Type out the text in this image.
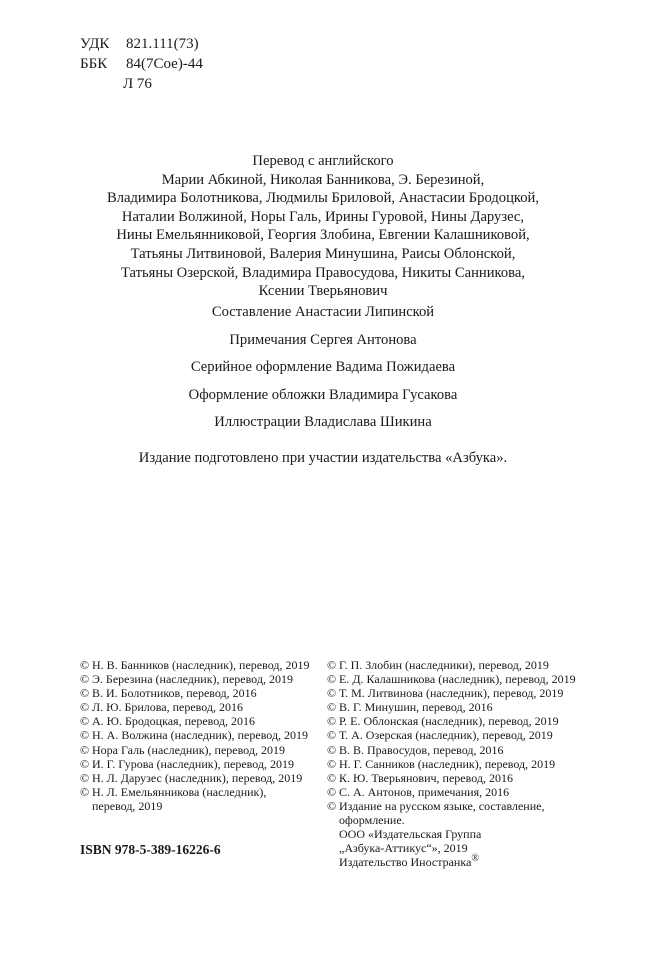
УДК 821.111(73)
ББК 84(7Сое)-44
Л 76
Перевод с английского
Марии Абкиной, Николая Банникова, Э. Березиной,
Владимира Болотникова, Людмилы Бриловой, Анастасии Бродоцкой,
Наталии Волжиной, Норы Галь, Ирины Гуровой, Нины Дарузес,
Нины Емельянниковой, Георгия Злобина, Евгении Калашниковой,
Татьяны Литвиновой, Валерия Минушина, Раисы Облонской,
Татьяны Озерской, Владимира Правосудова, Никиты Санникова,
Ксении Тверьянович
Составление Анастасии Липинской
Примечания Сергея Антонова
Серийное оформление Вадима Пожидаева
Оформление обложки Владимира Гусакова
Иллюстрации Владислава Шикина
Издание подготовлено при участии издательства «Азбука».
© Н. В. Банников (наследник), перевод, 2019
© Э. Березина (наследник), перевод, 2019
© В. И. Болотников, перевод, 2016
© Л. Ю. Брилова, перевод, 2016
© А. Ю. Бродоцкая, перевод, 2016
© Н. А. Волжина (наследник), перевод, 2019
© Нора Галь (наследник), перевод, 2019
© И. Г. Гурова (наследник), перевод, 2019
© Н. Л. Дарузес (наследник), перевод, 2019
© Н. Л. Емельянникова (наследник),
перевод, 2019
© Г. П. Злобин (наследники), перевод, 2019
© Е. Д. Калашникова (наследник), перевод, 2019
© Т. М. Литвинова (наследник), перевод, 2019
© В. Г. Минушин, перевод, 2016
© Р. Е. Облонская (наследник), перевод, 2019
© Т. А. Озерская (наследник), перевод, 2019
© В. В. Правосудов, перевод, 2016
© Н. Г. Санников (наследник), перевод, 2019
© К. Ю. Тверьянович, перевод, 2016
© С. А. Антонов, примечания, 2016
© Издание на русском языке, составление,
оформление.
ООО «Издательская Группа
„Азбука-Аттикус“», 2019
Издательство Иностранка®
ISBN 978-5-389-16226-6
